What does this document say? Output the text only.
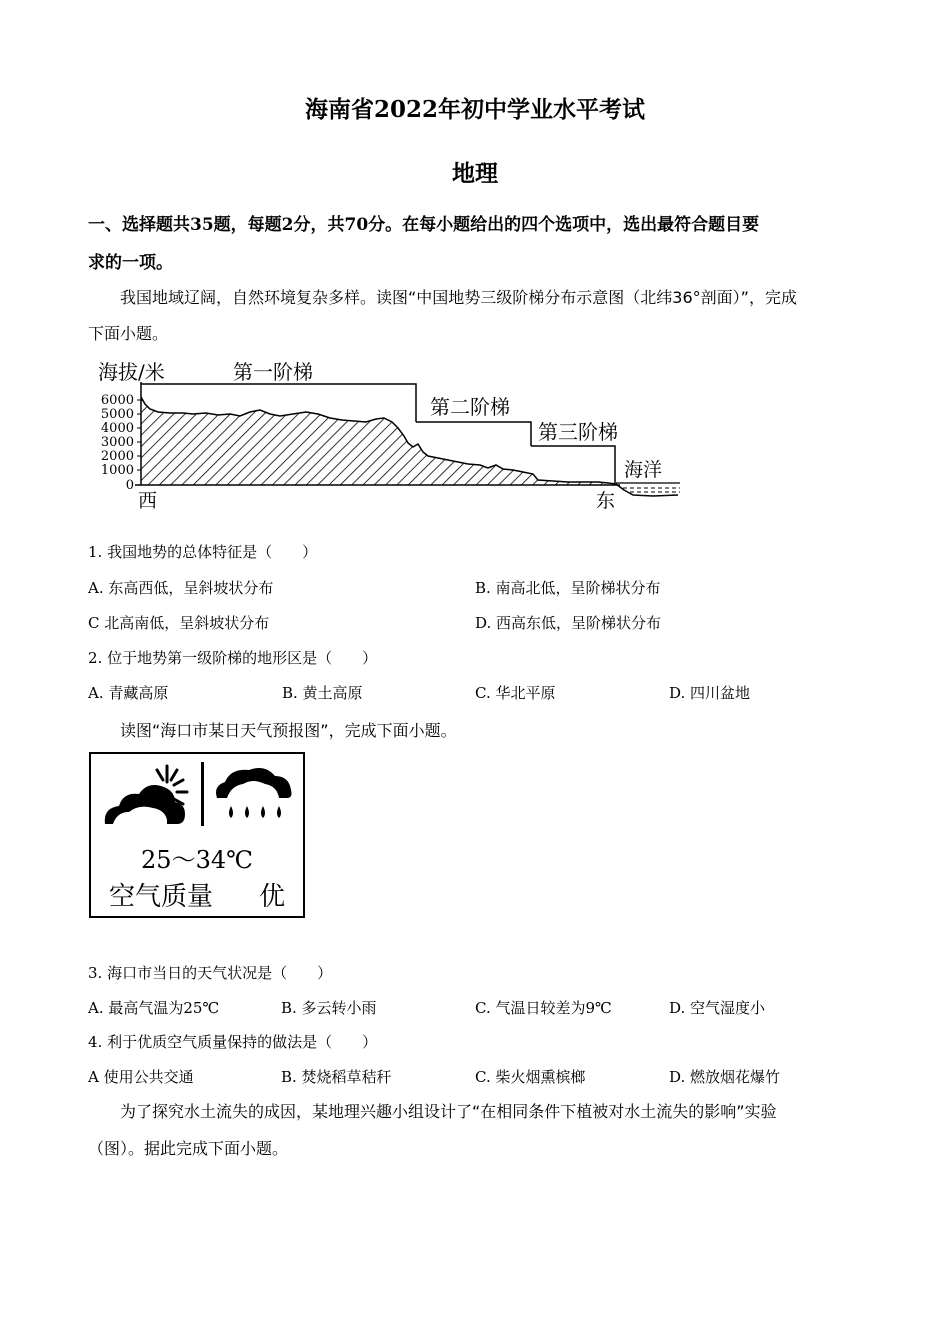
海南省2022年初中学业水平考试
地理
一、选择题共35题，每题2分，共70分。在每小题给出的四个选项中，选出最符合题目要
求的一项。
我国地域辽阔，自然环境复杂多样。读图“中国地势三级阶梯分布示意图（北纬36°剖面）”，完成
下面小题。
海拔/米	第一阶梯
第二阶梯
第三阶梯
海洋
西	东
6000
5000
4000
3000
2000
1000
0
1. 我国地势的总体特征是（　　）
A. 东高西低，呈斜坡状分布	B. 南高北低，呈阶梯状分布
C 北高南低，呈斜坡状分布	D. 西高东低，呈阶梯状分布
2. 位于地势第一级阶梯的地形区是（　　）
A. 青藏高原	B. 黄土高原	C. 华北平原	D. 四川盆地
读图“海口市某日天气预报图”，完成下面小题。
25～34℃
空气质量 优
3. 海口市当日的天气状况是（　　）
A. 最高气温为25℃	B. 多云转小雨	C. 气温日较差为9℃	D. 空气湿度小
4. 利于优质空气质量保持的做法是（　　）
A 使用公共交通	B. 焚烧稻草秸秆	C. 柴火烟熏槟榔	D. 燃放烟花爆竹
为了探究水土流失的成因，某地理兴趣小组设计了“在相同条件下植被对水土流失的影响”实验
（图）。据此完成下面小题。
